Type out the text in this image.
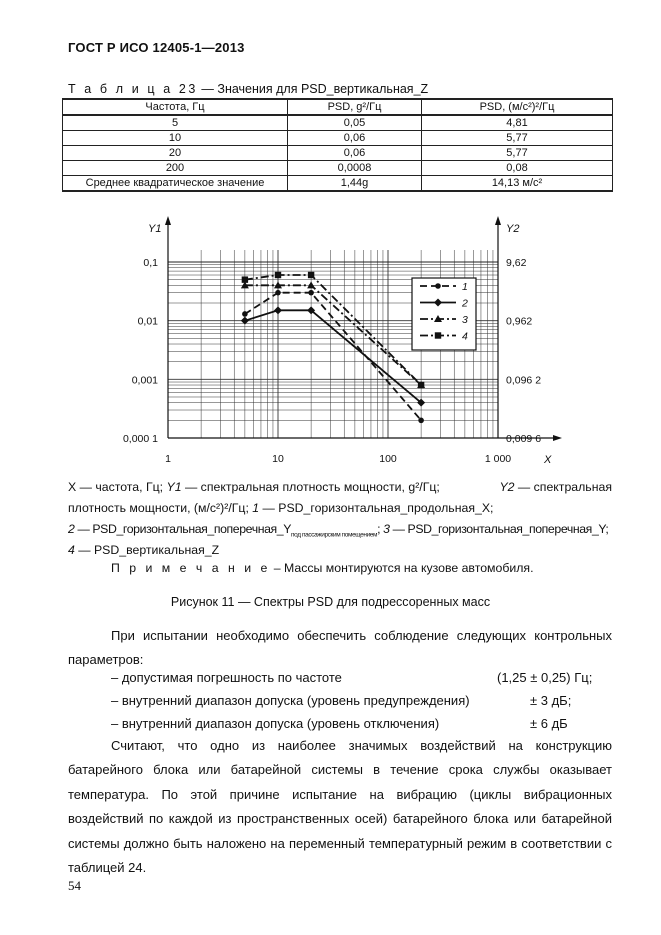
ГОСТ Р ИСО 12405-1—2013
Т а б л и ц а 23 — Значения для PSD_вертикальная_Z
Частота, Гц	PSD, g²/Гц	PSD, (м/с²)²/Гц
5	0,05	4,81
10	0,06	5,77
20	0,06	5,77
200	0,0008	0,08
Среднее квадратическое значение	1,44g	14,13 м/с²
Y1	Y2
X
1	10	100	1 000
0,1
0,01
0,001
0,000 1
9,62
0,962
0,096 2
0,009 6
1
2
3
4

X — частота, Гц; Y1 — спектральная плотность мощности, g²/Гц;	Y2 — спектральная

плотность мощности, (м/с²)²/Гц; 1 — PSD_горизонтальная_продольная_X;

2 — $PSD\_горизонтальная\_поперечная\_Y_{под пассажирским помещением}$; 3 — PSD_горизонтальная_поперечная_Y;

4 — PSD_вертикальная_Z

П р и м е ч а н и е – Массы монтируются на кузове автомобиля.
Рисунок 11 — Спектры PSD для подрессоренных масс

При испытании необходимо обеспечить соблюдение следующих контрольных параметров:

– допустимая погрешность по частоте	(1,25 ± 0,25) Гц;
– внутренний диапазон допуска (уровень предупреждения)	± 3 дБ;
– внутренний диапазон допуска (уровень отключения)	± 6 дБ

Считают, что одно из наиболее значимых воздействий на конструкцию батарейного блока или батарейной системы в течение срока службы оказывает температура. По этой причине испытание на вибрацию (циклы вибрационных воздействий по каждой из пространственных осей) батарейного блока или батарейной системы должно быть наложено на переменный температурный режим в соответствии с таблицей 24.

54
